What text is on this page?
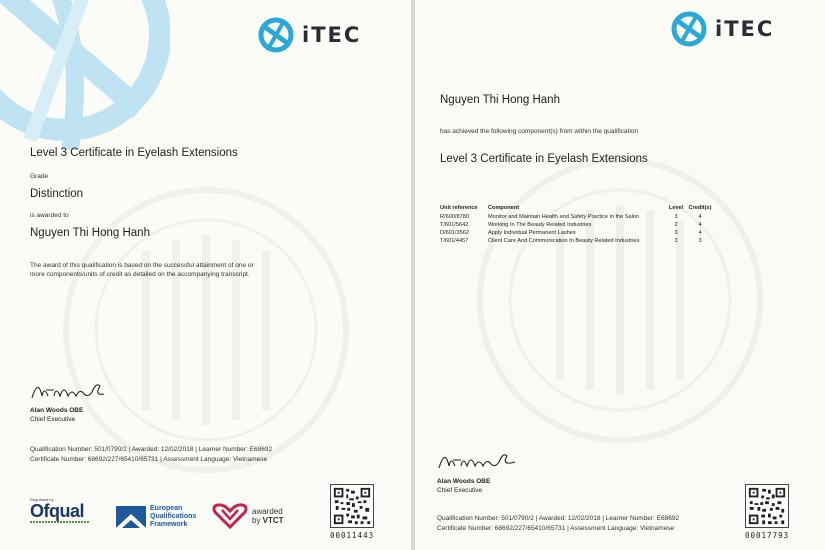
iTEC
Level 3 Certificate in Eyelash Extensions
Grade
Distinction
is awarded to
Nguyen Thi Hong Hanh
The award of this qualification is based on the successful attainment of one or
more components/units of credit as detailed on the accompanying transcript.
Alan Woods OBE
Chief Executive
Qualification Number: 501/0790/2 | Awarded: 12/02/2018 | Learner Number: E68692
Certificate Number: 68692/227/65410/65731 | Assessment Language: Vietnamese
Regulated by
Ofqual	European
Qualifications
Framework
awarded
by VTCT
00011443
iTEC
Nguyen Thi Hong Hanh
has achieved the following component(s) from within the qualification
Level 3 Certificate in Eyelash Extensions
Unit reference	Component	Level	Credit(s)
R/600/8780	Monitor and Maintain Health and Safety Practice in the Salon	3	4
T/601/5642	Working In The Beauty Related Industries	2	4
D/601/3562	Apply Individual Permanent Lashes	3	4
T/601/4457	Client Care And Communication In Beauty Related Industries	3	3
Alan Woods OBE
Chief Executive
Qualification Number: 501/0790/2 | Awarded: 12/02/2018 | Learner Number: E68692
Certificate Number: 68692/227/65410/65731 | Assessment Language: Vietnamese
00017793
